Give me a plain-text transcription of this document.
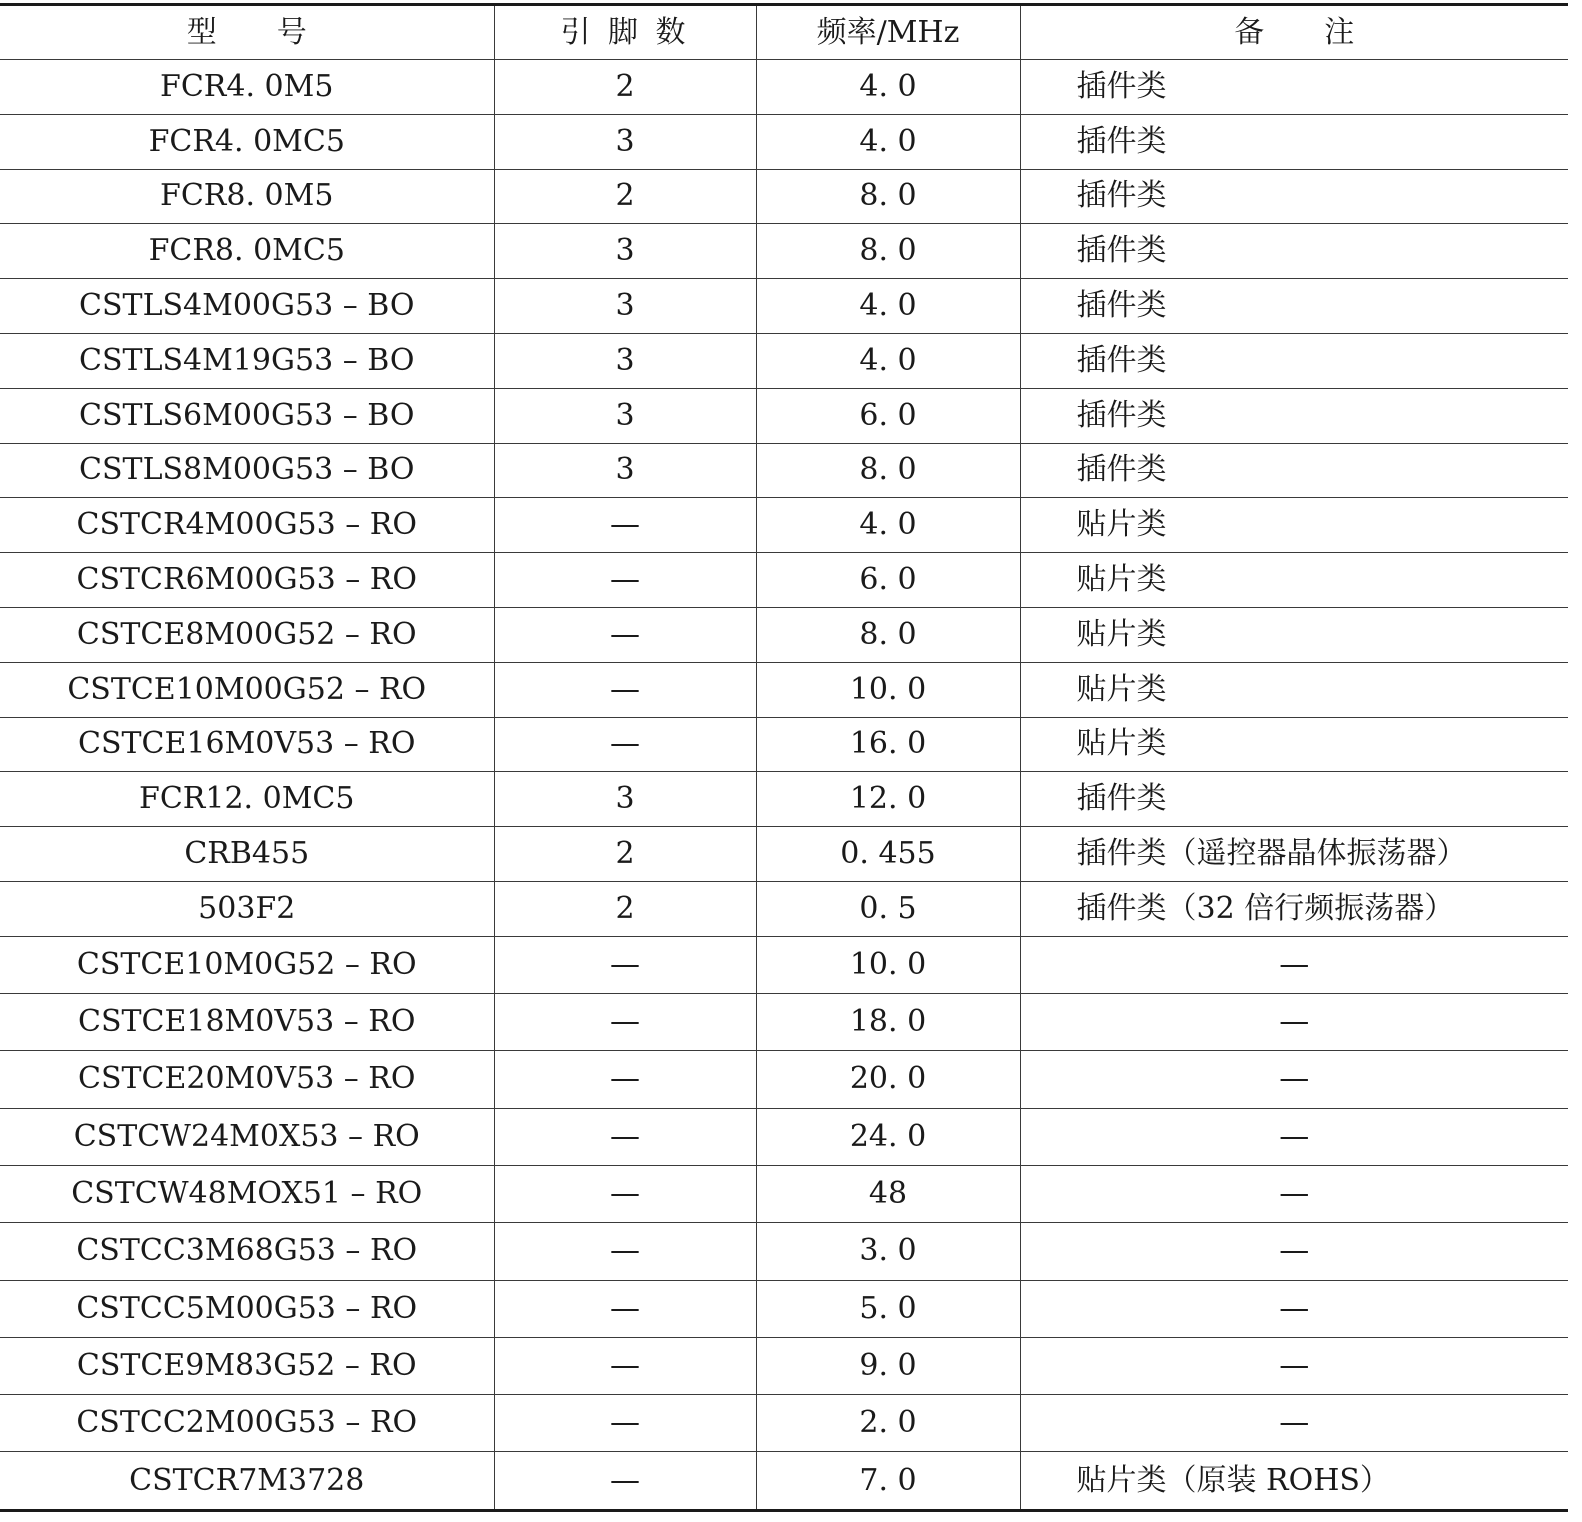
型　　号	引 脚 数	频率/MHz	备　　注
FCR4. 0M5	2	4. 0	插件类
FCR4. 0MC5	3	4. 0	插件类
FCR8. 0M5	2	8. 0	插件类
FCR8. 0MC5	3	8. 0	插件类
CSTLS4M00G53 – BO	3	4. 0	插件类
CSTLS4M19G53 – BO	3	4. 0	插件类
CSTLS6M00G53 – BO	3	6. 0	插件类
CSTLS8M00G53 – BO	3	8. 0	插件类
CSTCR4M00G53 – RO	—	4. 0	贴片类
CSTCR6M00G53 – RO	—	6. 0	贴片类
CSTCE8M00G52 – RO	—	8. 0	贴片类
CSTCE10M00G52 – RO	—	10. 0	贴片类
CSTCE16M0V53 – RO	—	16. 0	贴片类
FCR12. 0MC5	3	12. 0	插件类
CRB455	2	0. 455	插件类（遥控器晶体振荡器）
503F2	2	0. 5	插件类（32 倍行频振荡器）
CSTCE10M0G52 – RO	—	10. 0	—
CSTCE18M0V53 – RO	—	18. 0	—
CSTCE20M0V53 – RO	—	20. 0	—
CSTCW24M0X53 – RO	—	24. 0	—
CSTCW48MOX51 – RO	—	48	—
CSTCC3M68G53 – RO	—	3. 0	—
CSTCC5M00G53 – RO	—	5. 0	—
CSTCE9M83G52 – RO	—	9. 0	—
CSTCC2M00G53 – RO	—	2. 0	—
CSTCR7M3728	—	7. 0	贴片类（原装 ROHS）
